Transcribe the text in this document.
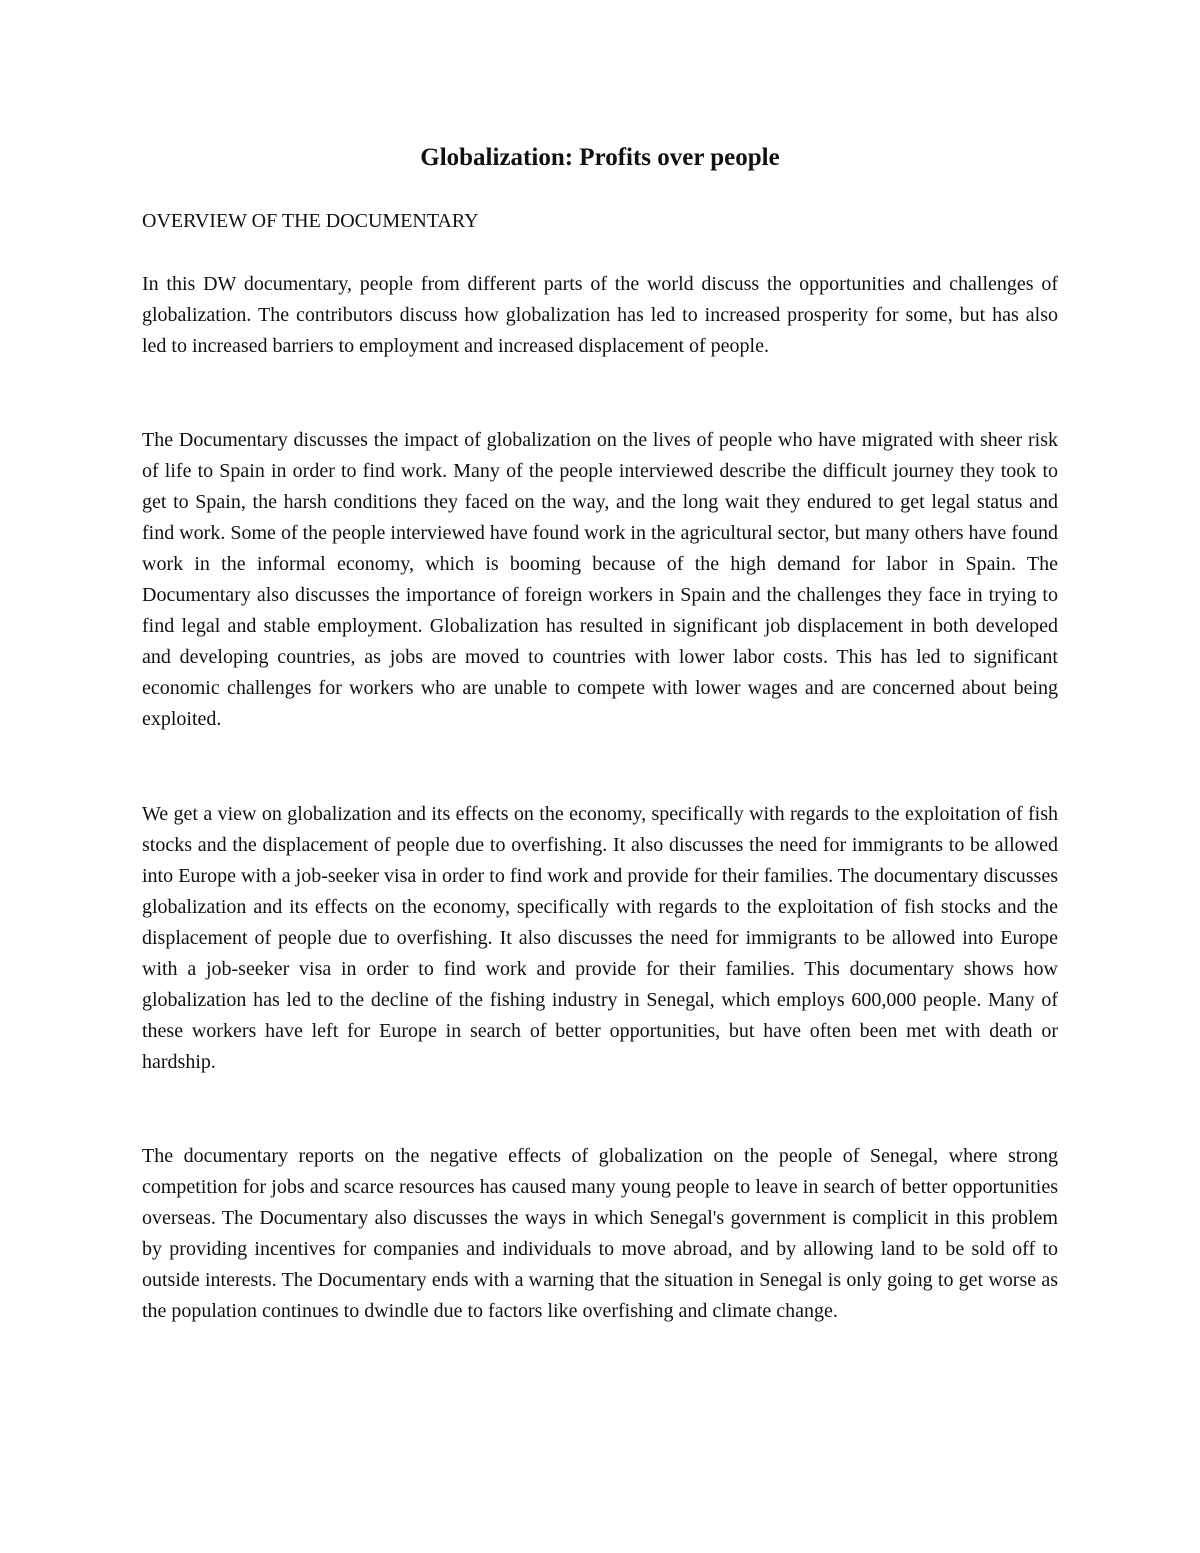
Globalization: Profits over people

OVERVIEW OF THE DOCUMENTARY

In this DW documentary, people from different parts of the world discuss the opportunities and challenges of globalization. The contributors discuss how globalization has led to increased prosperity for some, but has also led to increased barriers to employment and increased displacement of people.

The Documentary discusses the impact of globalization on the lives of people who have migrated with sheer risk of life to Spain in order to find work. Many of the people interviewed describe the difficult journey they took to get to Spain, the harsh conditions they faced on the way, and the long wait they endured to get legal status and find work. Some of the people interviewed have found work in the agricultural sector, but many others have found work in the informal economy, which is booming because of the high demand for labor in Spain. The Documentary also discusses the importance of foreign workers in Spain and the challenges they face in trying to find legal and stable employment. Globalization has resulted in significant job displacement in both developed and developing countries, as jobs are moved to countries with lower labor costs. This has led to significant economic challenges for workers who are unable to compete with lower wages and are concerned about being exploited.

We get a view on globalization and its effects on the economy, specifically with regards to the exploitation of fish stocks and the displacement of people due to overfishing. It also discusses the need for immigrants to be allowed into Europe with a job-seeker visa in order to find work and provide for their families. The documentary discusses globalization and its effects on the economy, specifically with regards to the exploitation of fish stocks and the displacement of people due to overfishing. It also discusses the need for immigrants to be allowed into Europe with a job-seeker visa in order to find work and provide for their families. This documentary shows how globalization has led to the decline of the fishing industry in Senegal, which employs 600,000 people. Many of these workers have left for Europe in search of better opportunities, but have often been met with death or hardship.

The documentary reports on the negative effects of globalization on the people of Senegal, where strong competition for jobs and scarce resources has caused many young people to leave in search of better opportunities overseas. The Documentary also discusses the ways in which Senegal's government is complicit in this problem by providing incentives for companies and individuals to move abroad, and by allowing land to be sold off to outside interests. The Documentary ends with a warning that the situation in Senegal is only going to get worse as the population continues to dwindle due to factors like overfishing and climate change.
